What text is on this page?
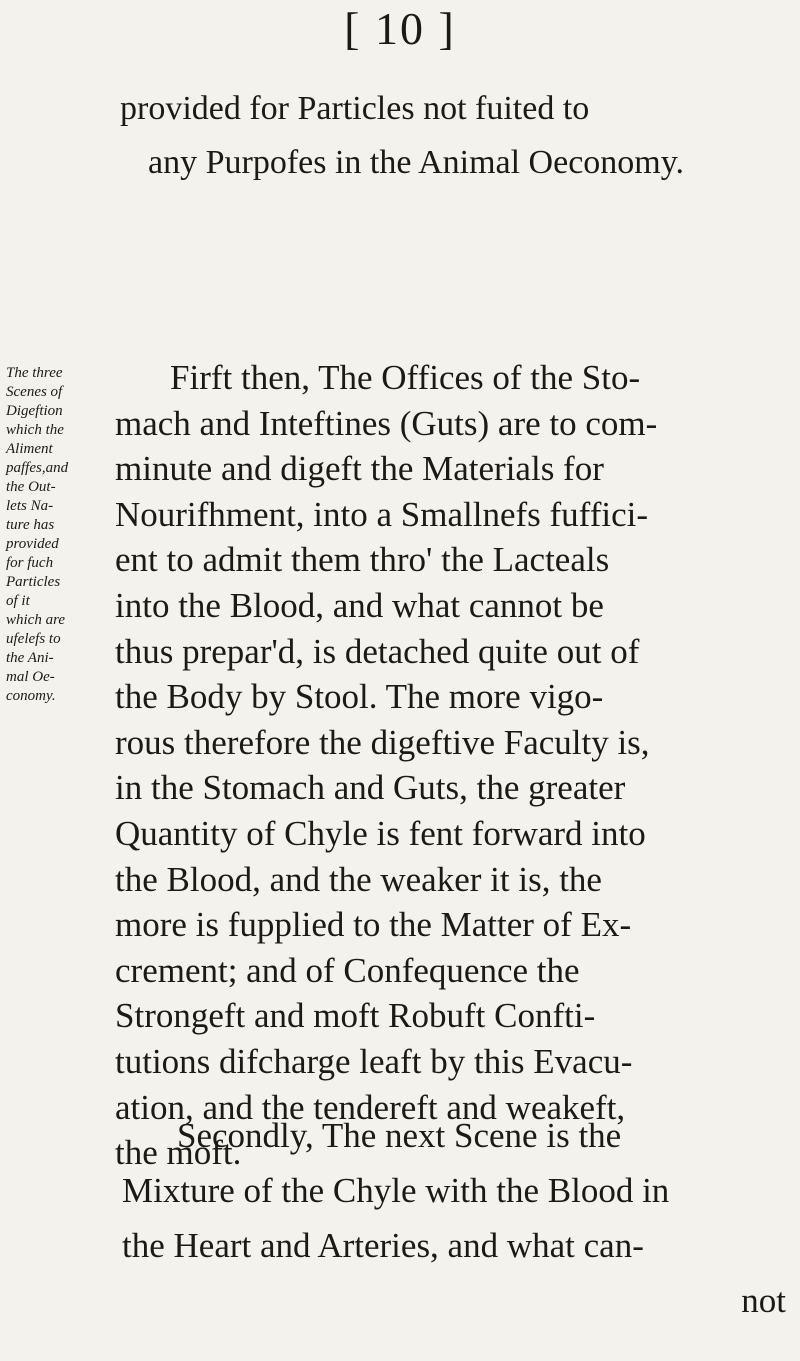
[ 10 ]
provided for Particles not fuited to
any Purpofes in the Animal Oeconomy.
The three
Scenes of
Digeftion
which the
Aliment
paffes,and
the Out-
lets Na-
ture has
provided
for fuch
Particles
of it
which are
ufelefs to
the Ani-
mal Oe-
conomy.
Firft then, The Offices of the Sto-
mach and Inteftines (Guts) are to com-
minute and digeft the Materials for
Nourifhment, into a Smallnefs fuffici-
ent to admit them thro' the Lacteals
into the Blood, and what cannot be
thus prepar'd, is detached quite out of
the Body by Stool. The more vigo-
rous therefore the digeftive Faculty is,
in the Stomach and Guts, the greater
Quantity of Chyle is fent forward into
the Blood, and the weaker it is, the
more is fupplied to the Matter of Ex-
crement; and of Confequence the
Strongeft and moft Robuft Confti-
tutions difcharge leaft by this Evacu-
ation, and the tendereft and weakeft,
the moft.
Secondly, The next Scene is the
Mixture of the Chyle with the Blood in
the Heart and Arteries, and what can-
not
